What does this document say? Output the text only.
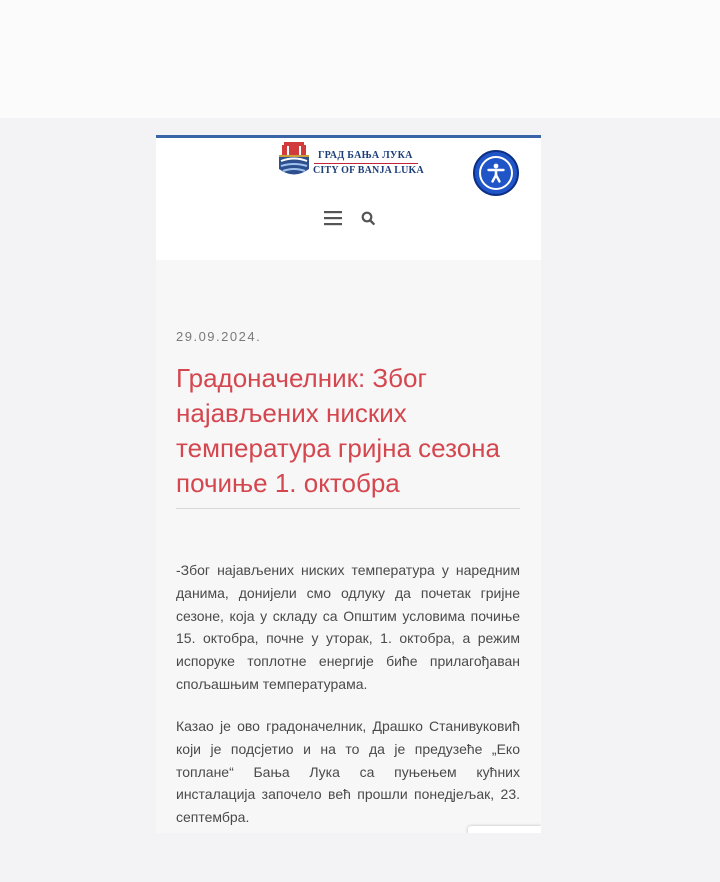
ГРАД БАЊА ЛУКА
CITY OF BANJA LUKA
29.09.2024.
Градоначелник: Због најављених ниских температура гријна сезона почиње 1. октобра

-Због најављених ниских температура у наредним данима, донијели смо одлуку да почетак гријне сезоне, која у складу са Општим условима почиње 15. октобра, почне у уторак, 1. октобра, а режим испоруке топлотне енергије биће прилагођаван спољашњим температурама.

Казао је ово градоначелник, Драшко Станивуковић који је подсјетио и на то да је предузеће „Еко топлане“ Бања Лука са пуњењем кућних инсталација започело већ прошли понедјељак, 23. септембра.
